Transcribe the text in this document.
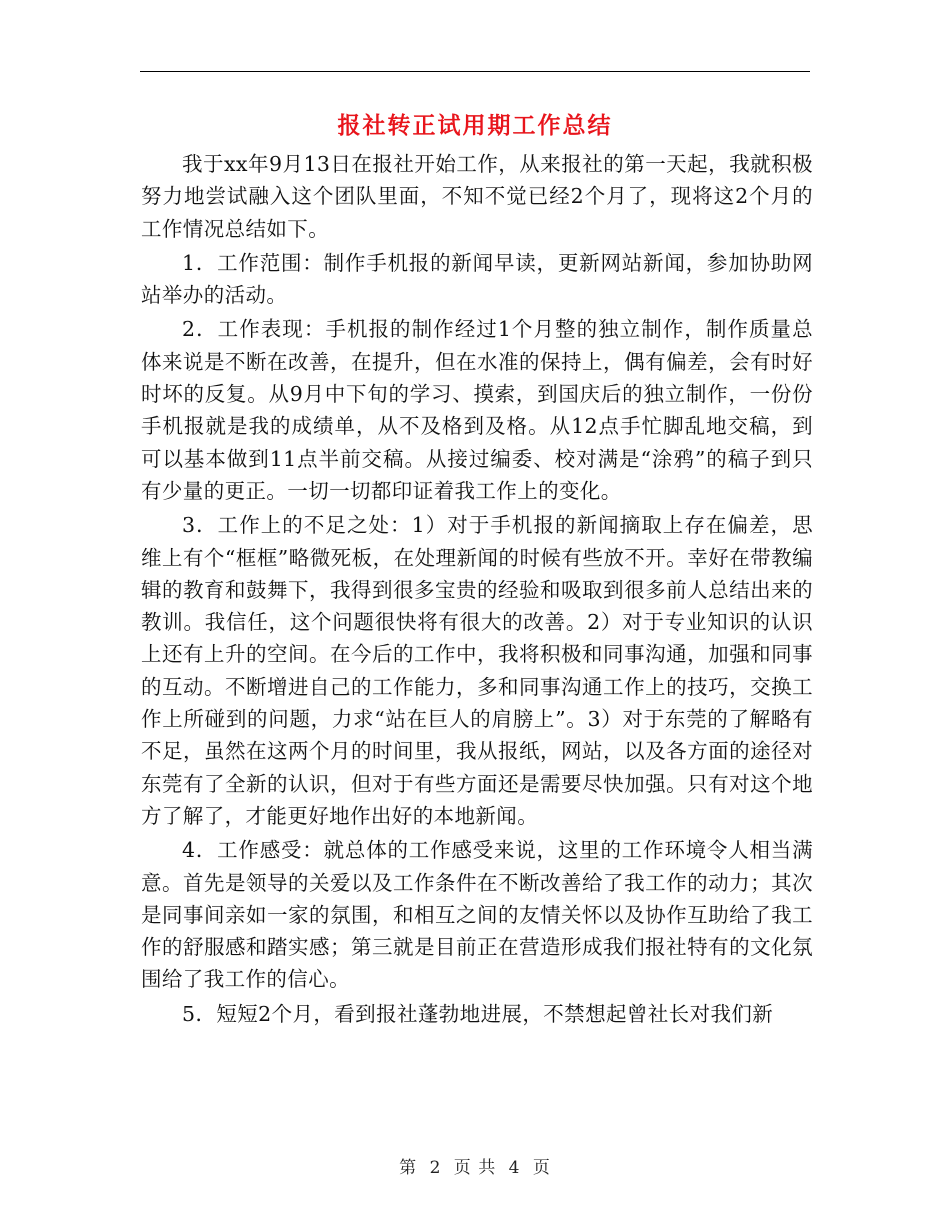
报社转正试用期工作总结

我于xx年9月13日在报社开始工作，从来报社的第一天起，我就积极努力地尝试融入这个团队里面，不知不觉已经2个月了，现将这2个月的工作情况总结如下。

1．工作范围：制作手机报的新闻早读，更新网站新闻，参加协助网站举办的活动。

2．工作表现：手机报的制作经过1个月整的独立制作，制作质量总体来说是不断在改善，在提升，但在水准的保持上，偶有偏差，会有时好时坏的反复。从9月中下旬的学习、摸索，到国庆后的独立制作，一份份手机报就是我的成绩单，从不及格到及格。从12点手忙脚乱地交稿，到可以基本做到11点半前交稿。从接过编委、校对满是“涂鸦”的稿子到只有少量的更正。一切一切都印证着我工作上的变化。

3．工作上的不足之处：1）对于手机报的新闻摘取上存在偏差，思维上有个“框框”略微死板，在处理新闻的时候有些放不开。幸好在带教编辑的教育和鼓舞下，我得到很多宝贵的经验和吸取到很多前人总结出来的教训。我信任，这个问题很快将有很大的改善。2）对于专业知识的认识上还有上升的空间。在今后的工作中，我将积极和同事沟通，加强和同事的互动。不断增进自己的工作能力，多和同事沟通工作上的技巧，交换工作上所碰到的问题，力求“站在巨人的肩膀上”。3）对于东莞的了解略有不足，虽然在这两个月的时间里，我从报纸，网站，以及各方面的途径对东莞有了全新的认识，但对于有些方面还是需要尽快加强。只有对这个地方了解了，才能更好地作出好的本地新闻。

4．工作感受：就总体的工作感受来说，这里的工作环境令人相当满意。首先是领导的关爱以及工作条件在不断改善给了我工作的动力；其次是同事间亲如一家的氛围，和相互之间的友情关怀以及协作互助给了我工作的舒服感和踏实感；第三就是目前正在营造形成我们报社特有的文化氛围给了我工作的信心。

5．短短2个月，看到报社蓬勃地进展，不禁想起曾社长对我们新

第 2 页 共 4 页
